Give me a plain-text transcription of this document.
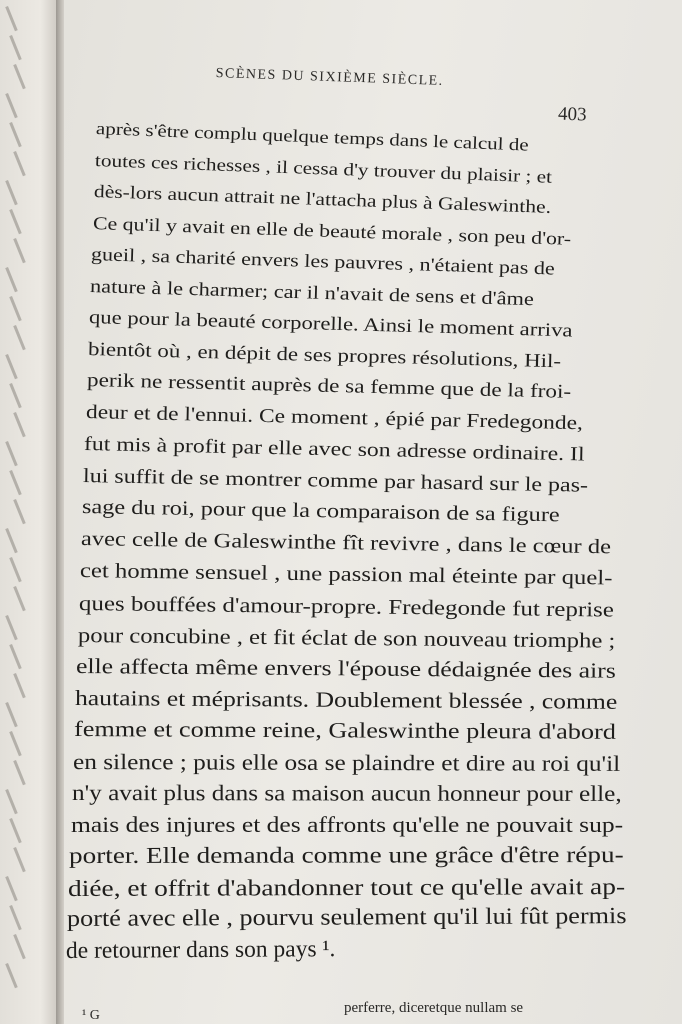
SCÈNES DU SIXIÈME SIÈCLE.
403
après s'être complu quelque temps dans le calcul de
toutes ces richesses , il cessa d'y trouver du plaisir ; et
dès-lors aucun attrait ne l'attacha plus à Galeswinthe.
Ce qu'il y avait en elle de beauté morale , son peu d'or-
gueil , sa charité envers les pauvres , n'étaient pas de
nature à le charmer; car il n'avait de sens et d'âme
que pour la beauté corporelle. Ainsi le moment arriva
bientôt où , en dépit de ses propres résolutions, Hil-
perik ne ressentit auprès de sa femme que de la froi-
deur et de l'ennui. Ce moment , épié par Fredegonde,
fut mis à profit par elle avec son adresse ordinaire. Il
lui suffit de se montrer comme par hasard sur le pas-
sage du roi, pour que la comparaison de sa figure
avec celle de Galeswinthe fît revivre , dans le cœur de
cet homme sensuel , une passion mal éteinte par quel-
ques bouffées d'amour-propre. Fredegonde fut reprise
pour concubine , et fit éclat de son nouveau triomphe ;
elle affecta même envers l'épouse dédaignée des airs
hautains et méprisants. Doublement blessée , comme
femme et comme reine, Galeswinthe pleura d'abord
en silence ; puis elle osa se plaindre et dire au roi qu'il
n'y avait plus dans sa maison aucun honneur pour elle,
mais des injures et des affronts qu'elle ne pouvait sup-
porter. Elle demanda comme une grâce d'être répu-
diée, et offrit d'abandonner tout ce qu'elle avait ap-
porté avec elle , pourvu seulement qu'il lui fût permis
de retourner dans son pays ¹.
perferre, diceretque nullam se
¹ G
